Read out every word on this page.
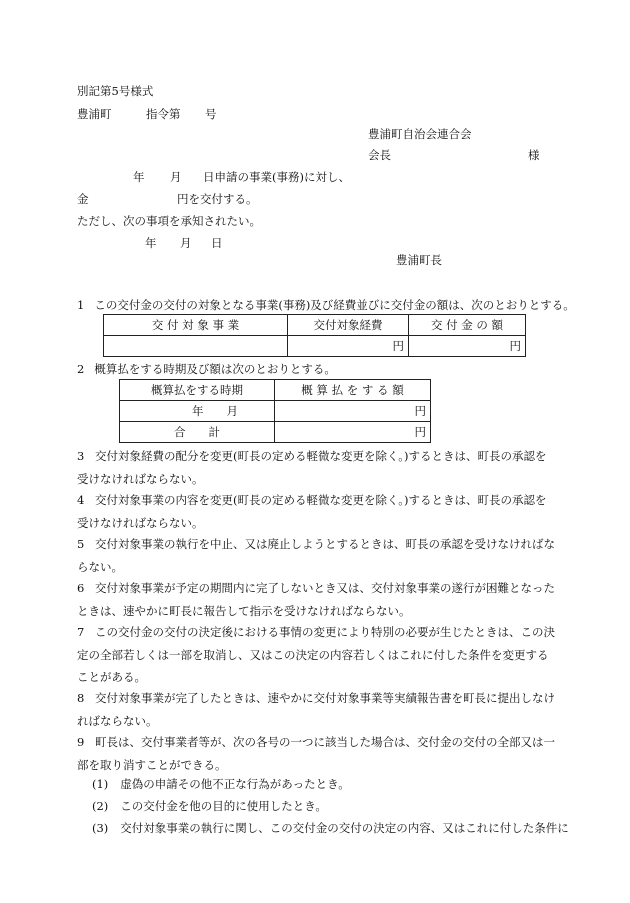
別記第5号様式
豊浦町	指令第 号
豊浦町自治会連合会
会長	様
年 月 日申請の事業(事務)に対し、
金	円を交付する。
ただし、次の事項を承知されたい。
年 月 日
豊浦町長
1 この交付金の交付の対象となる事業(事務)及び経費並びに交付金の額は、次のとおりとする。
交 付 対 象 事 業	交付対象経費	交 付 金 の 額
	円	円
2 概算払をする時期及び額は次のとおりとする。
概算払をする時期	概 算 払 を す る 額
年　　月	円
合　　計	円
3 交付対象経費の配分を変更(町長の定める軽微な変更を除く。)するときは、町長の承認を受けなければならない。
4 交付対象事業の内容を変更(町長の定める軽微な変更を除く。)するときは、町長の承認を受けなければならない。
5 交付対象事業の執行を中止、又は廃止しようとするときは、町長の承認を受けなければならない。
6 交付対象事業が予定の期間内に完了しないとき又は、交付対象事業の遂行が困難となったときは、速やかに町長に報告して指示を受けなければならない。
7 この交付金の交付の決定後における事情の変更により特別の必要が生じたときは、この決定の全部若しくは一部を取消し、又はこの決定の内容若しくはこれに付した条件を変更することがある。
8 交付対象事業が完了したときは、速やかに交付対象事業等実績報告書を町長に提出しなければならない。
9 町長は、交付事業者等が、次の各号の一つに該当した場合は、交付金の交付の全部又は一部を取り消すことができる。
(1) 虚偽の申請その他不正な行為があったとき。
(2) この交付金を他の目的に使用したとき。
(3) 交付対象事業の執行に関し、この交付金の交付の決定の内容、又はこれに付した条件に
